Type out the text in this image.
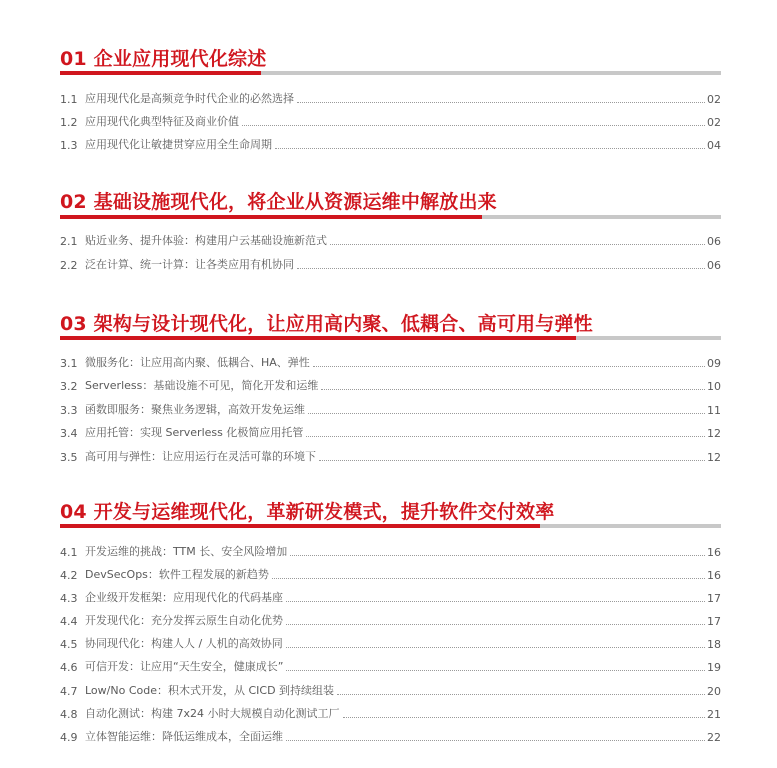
01 企业应用现代化综述
1.1 应用现代化是高频竞争时代企业的必然选择	02
1.2 应用现代化典型特征及商业价值	02
1.3 应用现代化让敏捷贯穿应用全生命周期	04
02 基础设施现代化，将企业从资源运维中解放出来
2.1 贴近业务、提升体验：构建用户云基础设施新范式	06
2.2 泛在计算、统一计算：让各类应用有机协同	06
03 架构与设计现代化，让应用高内聚、低耦合、高可用与弹性
3.1 微服务化：让应用高内聚、低耦合、HA、弹性	09
3.2 Serverless：基础设施不可见，简化开发和运维	10
3.3 函数即服务：聚焦业务逻辑，高效开发免运维	11
3.4 应用托管：实现 Serverless 化极简应用托管	12
3.5 高可用与弹性：让应用运行在灵活可靠的环境下	12
04 开发与运维现代化，革新研发模式，提升软件交付效率
4.1 开发运维的挑战：TTM 长、安全风险增加	16
4.2 DevSecOps：软件工程发展的新趋势	16
4.3 企业级开发框架：应用现代化的代码基座	17
4.4 开发现代化：充分发挥云原生自动化优势	17
4.5 协同现代化：构建人人 / 人机的高效协同	18
4.6 可信开发：让应用“天生安全，健康成长”	19
4.7 Low/No Code：积木式开发，从 CICD 到持续组装	20
4.8 自动化测试：构建 7x24 小时大规模自动化测试工厂	21
4.9 立体智能运维：降低运维成本，全面运维	22
